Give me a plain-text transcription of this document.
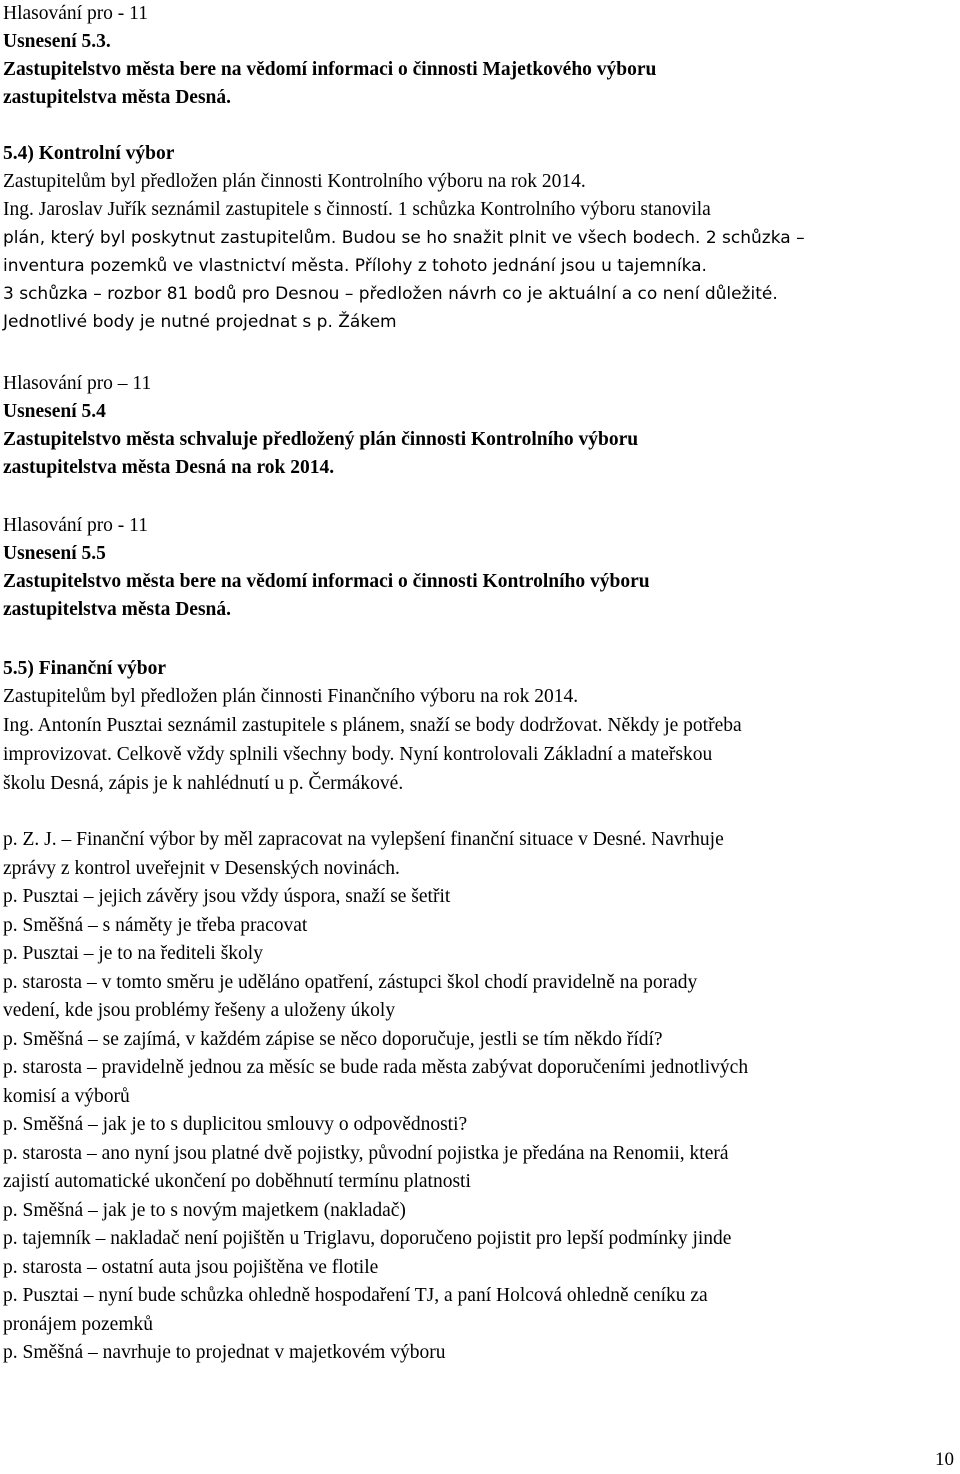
Hlasování pro - 11
Usnesení 5.3.
Zastupitelstvo města bere na vědomí informaci o činnosti Majetkového výboru
zastupitelstva města Desná.
5.4) Kontrolní výbor
Zastupitelům byl předložen plán činnosti Kontrolního výboru na rok 2014.
Ing. Jaroslav Juřík seznámil zastupitele s činností. 1 schůzka Kontrolního výboru stanovila
plán, který byl poskytnut zastupitelům. Budou se ho snažit plnit ve všech bodech. 2 schůzka –
inventura pozemků ve vlastnictví města. Přílohy z tohoto jednání jsou u tajemníka.
3 schůzka – rozbor 81 bodů pro Desnou – předložen návrh co je aktuální a co není důležité.
Jednotlivé body je nutné projednat s p. Žákem
Hlasování pro – 11
Usnesení 5.4
Zastupitelstvo města schvaluje předložený plán činnosti Kontrolního výboru
zastupitelstva města Desná na rok 2014.
Hlasování pro - 11
Usnesení 5.5
Zastupitelstvo města bere na vědomí informaci o činnosti Kontrolního výboru
zastupitelstva města Desná.
5.5) Finanční výbor
Zastupitelům byl předložen plán činnosti Finančního výboru na rok 2014.
Ing. Antonín Pusztai seznámil zastupitele s plánem, snaží se body dodržovat. Někdy je potřeba
improvizovat. Celkově vždy splnili všechny body. Nyní kontrolovali Základní a mateřskou
školu Desná, zápis je k nahlédnutí u p. Čermákové.
p. Z. J. – Finanční výbor by měl zapracovat na vylepšení finanční situace v Desné. Navrhuje
zprávy z kontrol uveřejnit v Desenských novinách.
p. Pusztai – jejich závěry jsou vždy úspora, snaží se šetřit
p. Směšná – s náměty je třeba pracovat
p. Pusztai – je to na řediteli školy
p. starosta – v tomto směru je uděláno opatření, zástupci škol chodí pravidelně na porady
vedení, kde jsou problémy řešeny a uloženy úkoly
p. Směšná – se zajímá, v každém zápise se něco doporučuje, jestli se tím někdo řídí?
p. starosta – pravidelně jednou za měsíc se bude rada města zabývat doporučeními jednotlivých
komisí a výborů
p. Směšná – jak je to s duplicitou smlouvy o odpovědnosti?
p. starosta – ano nyní jsou platné dvě pojistky, původní pojistka je předána na Renomii, která
zajistí automatické ukončení po doběhnutí termínu platnosti
p. Směšná – jak je to s novým majetkem (nakladač)
p. tajemník – nakladač není pojištěn u Triglavu, doporučeno pojistit pro lepší podmínky jinde
p. starosta – ostatní auta jsou pojištěna ve flotile
p. Pusztai – nyní bude schůzka ohledně hospodaření TJ, a paní Holcová ohledně ceníku za
pronájem pozemků
p. Směšná – navrhuje to projednat v majetkovém výboru
10
